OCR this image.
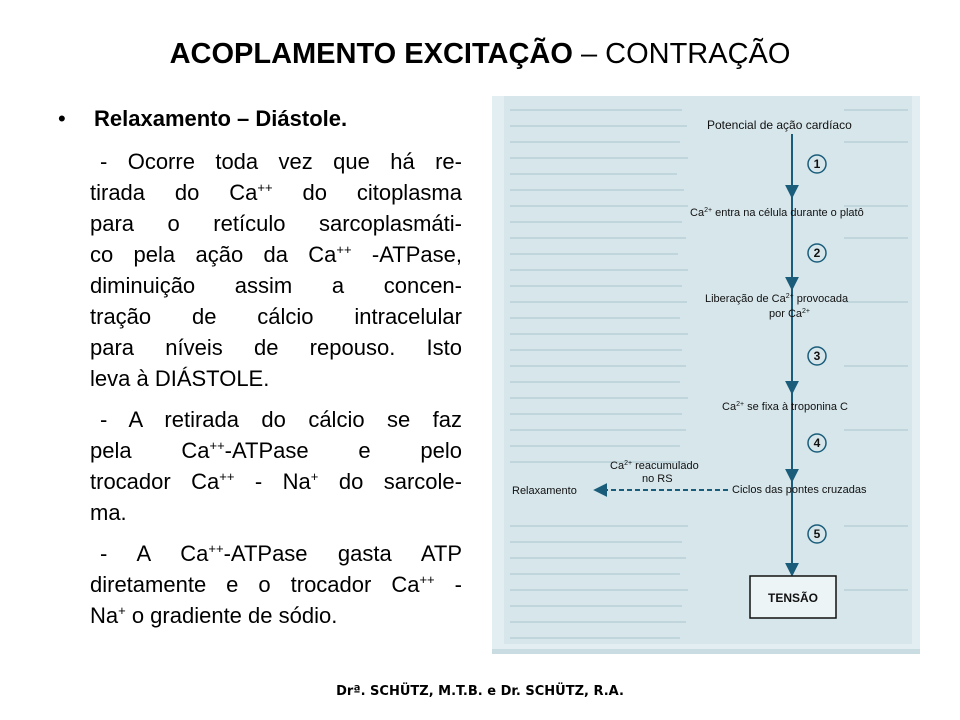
ACOPLAMENTO EXCITAÇÃO – CONTRAÇÃO
• Relaxamento – Diástole.
- Ocorre toda vez que há re-
tirada do Ca++ do citoplasma
para o retículo sarcoplasmáti-
co pela ação da Ca++ -ATPase,
diminuição assim a concen-
tração de cálcio intracelular
para níveis de repouso. Isto
leva à DIÁSTOLE.
- A retirada do cálcio se faz
pela Ca++-ATPase e pelo
trocador Ca++ - Na+ do sarcole-
ma.
- A Ca++-ATPase gasta ATP
diretamente e o trocador Ca++ -
Na+ o gradiente de sódio.
Potencial de ação cardíaco
1
2
3
4
5
$Ca^{2+}$ entra na célula durante o platô
Liberação de $Ca^{2+}$ provocada
por $Ca^{2+}$
$Ca^{2+}$ se fixa à troponina C
Ciclos das pontes cruzadas
$Ca^{2+}$ reacumulado
no RS
Relaxamento
TENSÃO
Drª. SCHÜTZ, M.T.B. e Dr. SCHÜTZ, R.A.
